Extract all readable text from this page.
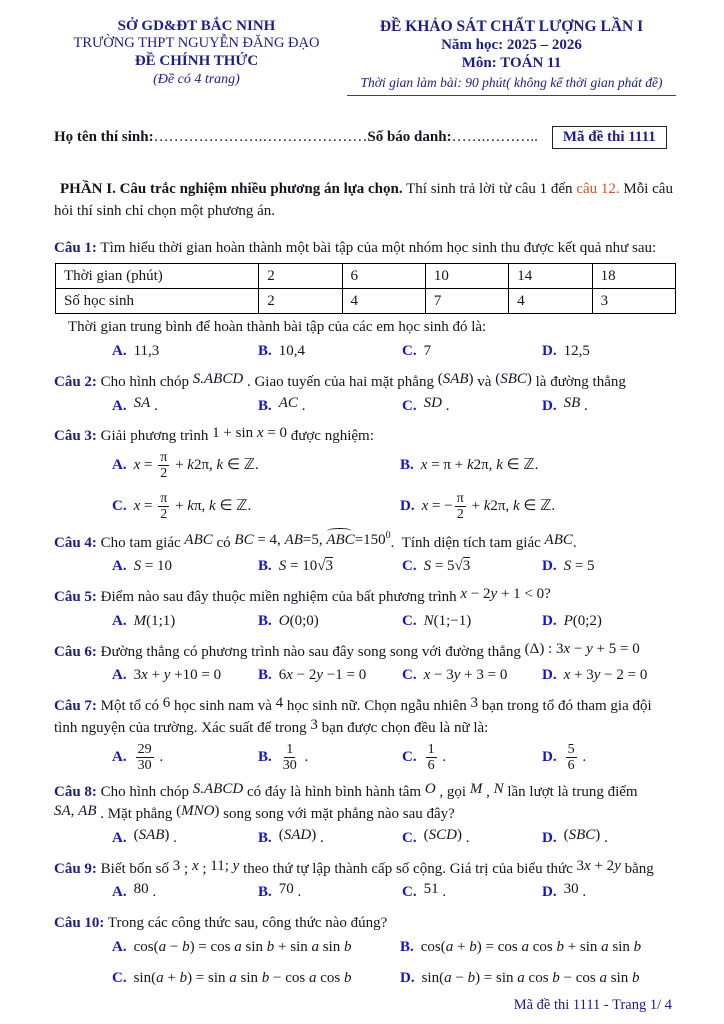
SỞ GD&ĐT BẮC NINH
TRƯỜNG THPT NGUYỄN ĐĂNG ĐẠO
ĐỀ CHÍNH THỨC
(Đề có 4 trang)
ĐỀ KHẢO SÁT CHẤT LƯỢNG LẦN I
Năm học: 2025 – 2026
Môn: TOÁN 11
Thời gian làm bài: 90 phút( không kể thời gian phát đề)
Họ tên thí sinh: ………………….………………… Số báo danh: …….………..	Mã đề thi 1111

PHẦN I. Câu trắc nghiệm nhiều phương án lựa chọn. Thí sinh trả lời từ câu 1 đến câu 12. Mỗi câu hỏi thí sinh chỉ chọn một phương án.

Câu 1: Tìm hiểu thời gian hoàn thành một bài tập của một nhóm học sinh thu được kết quả như sau:

Thời gian (phút)	2	6	10	14	18
Số học sinh	2	4	7	4	3

Thời gian trung bình để hoàn thành bài tập của các em học sinh đó là:

A. 11,3	B. 10,4	C. 7	D. 12,5

Câu 2: Cho hình chóp S.ABCD . Giao tuyến của hai mặt phẳng (SAB) và (SBC) là đường thẳng

A. SA .	B. AC .	C. SD .	D. SB .

Câu 3: Giải phương trình 1 + sin x = 0 được nghiệm:

A. $x = \frac{\pi}{2} + k2\pi$, k ∈ ℤ.	B. x = π + k2π, k ∈ ℤ.
C. $x = \frac{\pi}{2} + k\pi$, k ∈ ℤ.	D. x = − $\frac{\pi}{2} + k2\pi$, k ∈ ℤ.

Câu 4: Cho tam giác ABC có BC = 4, AB=5, $ABC=150^0$.  Tính diện tích tam giác ABC.

A. S = 10	B. S = 10√3	C. S = 5√3	D. S = 5

Câu 5: Điểm nào sau đây thuộc miền nghiệm của bất phương trình x − 2y + 1 < 0?

A. M(1;1)	B. O(0;0)	C. N(1;−1)	D. P(0;2)

Câu 6: Đường thẳng có phương trình nào sau đây song song với đường thẳng (Δ) : 3x − y + 5 = 0

A. 3x + y +10 = 0	B. 6x − 2y −1 = 0	C. x − 3y + 3 = 0	D. x + 3y − 2 = 0

Câu 7: Một tổ có 6 học sinh nam và 4 học sinh nữ. Chọn ngẫu nhiên 3 bạn trong tổ đó tham gia đội tình nguyện của trường. Xác suất để trong 3 bạn được chọn đều là nữ là:

A. $\frac{29}{30}$ .	B. $\frac{1}{30}$ .	C. $\frac{1}{6}$ .	D. $\frac{5}{6}$ .

Câu 8: Cho hình chóp S.ABCD có đáy là hình bình hành tâm O , gọi M , N lần lượt là trung điểm SA, AB . Mặt phẳng (MNO) song song với mặt phẳng nào sau đây?

A. (SAB) .	B. (SAD) .	C. (SCD) .	D. (SBC) .

Câu 9: Biết bốn số 3 ; x ; 11; y theo thứ tự lập thành cấp số cộng. Giá trị của biểu thức 3x + 2y bằng

A. 80 .	B. 70 .	C. 51 .	D. 30 .

Câu 10: Trong các công thức sau, công thức nào đúng?

A. cos(a − b) = cos a sin b + sin a sin b	B. cos(a + b) = cos a cos b + sin a sin b
C. sin(a + b) = sin a sin b − cos a cos b	D. sin(a − b) = sin a cos b − cos a sin b
Mã đề thi 1111 - Trang 1/ 4
